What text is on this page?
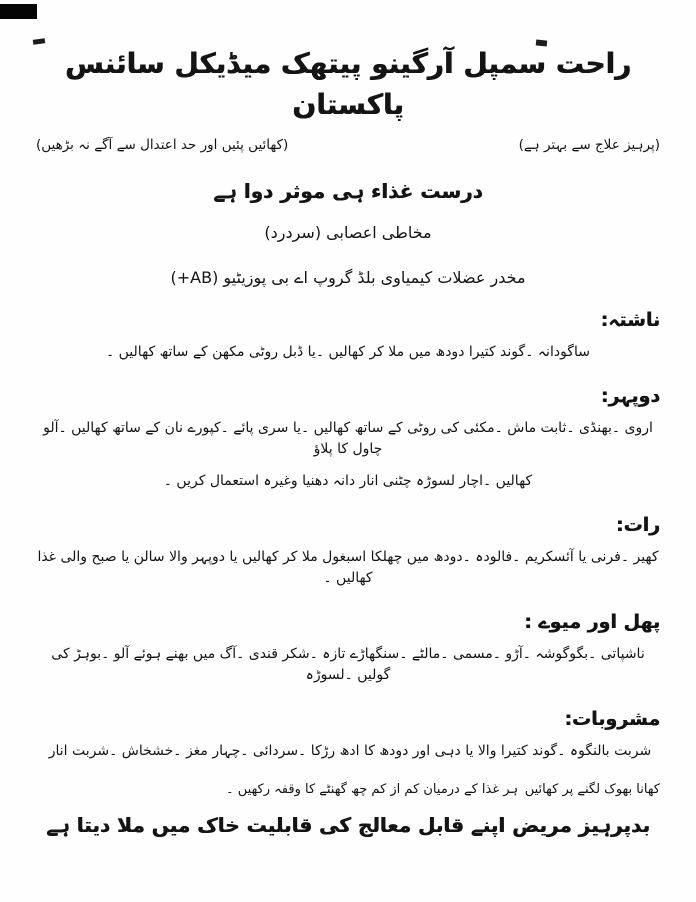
راحت سمپل آرگینو پیتھک میڈیکل سائنس پاکستان
(پرہیز علاج سے بہتر ہے)
(کھائیں پئیں اور حد اعتدال سے آگے نہ بڑھیں)
درست غذاء ہی موثر دوا ہے
مخاطی اعصابی (سردرد)
مخدر عضلات کیمیاوی بلڈ گروپ اے بی پوزیٹیو (AB+)
ناشتہ:
ساگودانہ ۔گوند کتیرا دودھ میں ملا کر کھالیں ۔یا ڈبل روٹی مکھن کے ساتھ کھالیں ۔
دوپہر:
اروی ۔بھنڈی ۔ثابت ماش ۔مکئی کی روٹی کے ساتھ کھالیں ۔یا سری پائے ۔کپورے نان کے ساتھ کھالیں ۔آلو چاول کا پلاؤ
کھالیں ۔اچار لسوڑہ چٹنی انار دانہ دھنیا وغیرہ استعمال کریں ۔
رات:
کھیر ۔فرنی یا آئسکریم ۔فالودہ ۔دودھ میں چھلکا اسبغول ملا کر کھالیں یا دوپہر والا سالن یا صبح والی غذا کھالیں ۔
پھل اور میوے :
ناشپاتی ۔بگوگوشہ ۔آڑو ۔مسمی ۔مالٹے ۔سنگھاڑے تازہ ۔شکر قندی ۔آگ میں بھنے ہوئے آلو ۔بوہڑ کی گولیں ۔لسوڑہ
مشروبات:
شربت بالنگوہ ۔گوند کتیرا والا یا دہی اور دودھ کا ادھ رڑکا ۔سردائی ۔چہار مغز ۔خشخاش ۔شربت انار
کھانا بھوک لگنے پر کھائیں
ہر غذا کے درمیان کم از کم چھ گھنٹے کا وقفہ رکھیں ۔
بدپرہیز مریض اپنے قابل معالج کی قابلیت خاک میں ملا دیتا ہے
